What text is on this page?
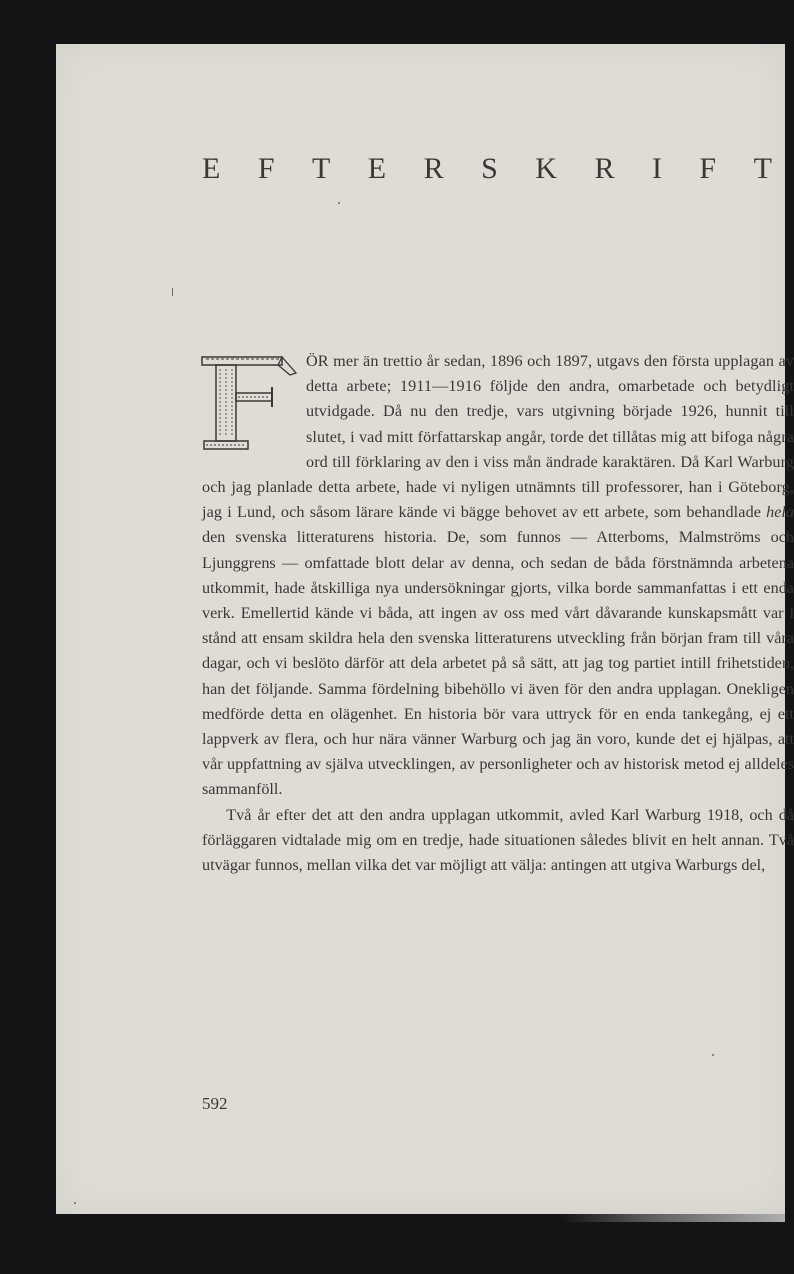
E F T E R S K R I F T

ÖR mer än trettio år sedan, 1896 och 1897, utgavs den första upplagan av detta arbete; 1911—1916 följde den andra, omarbetade och betydligt utvidgade. Då nu den tredje, vars utgivning började 1926, hunnit till slutet, i vad mitt författarskap angår, torde det tillåtas mig att bifoga några ord till förklaring av den i viss mån ändrade karaktären. Då Karl Warburg och jag planlade detta arbete, hade vi nyligen utnämnts till professorer, han i Göteborg, jag i Lund, och såsom lärare kände vi bägge behovet av ett arbete, som behandlade hela den svenska litteraturens historia. De, som funnos — Atterboms, Malmströms och Ljunggrens — omfattade blott delar av denna, och sedan de båda förstnämnda arbetena utkommit, hade åtskilliga nya undersökningar gjorts, vilka borde sammanfattas i ett enda verk. Emellertid kände vi båda, att ingen av oss med vårt dåvarande kunskapsmått var i stånd att ensam skildra hela den svenska litteraturens utveckling från början fram till våra dagar, och vi beslöto därför att dela arbetet på så sätt, att jag tog partiet intill frihetstiden, han det följande. Samma fördelning bibehöllo vi även för den andra upplagan. Onekligen medförde detta en olägenhet. En historia bör vara uttryck för en enda tankegång, ej ett lappverk av flera, och hur nära vänner Warburg och jag än voro, kunde det ej hjälpas, att vår uppfattning av själva utvecklingen, av personligheter och av historisk metod ej alldeles sammanföll.

Två år efter det att den andra upplagan utkommit, avled Karl Warburg 1918, och då förläggaren vidtalade mig om en tredje, hade situationen således blivit en helt annan. Två utvägar funnos, mellan vilka det var möjligt att välja: antingen att utgiva Warburgs del,

592
